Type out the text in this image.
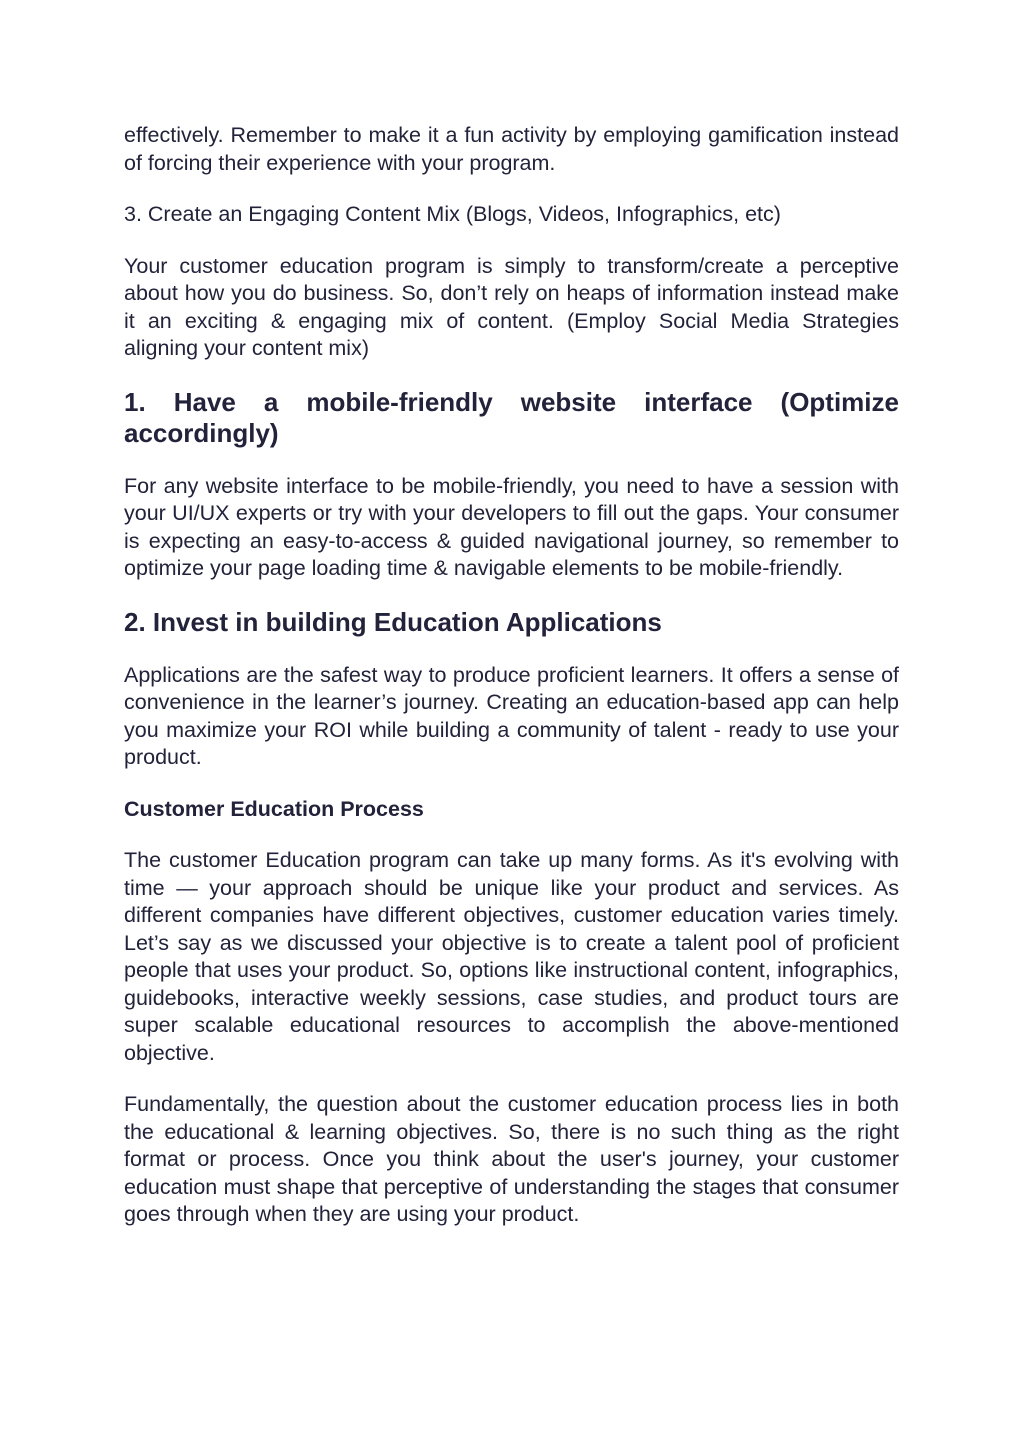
effectively. Remember to make it a fun activity by employing gamification instead of forcing their experience with your program.

3. Create an Engaging Content Mix (Blogs, Videos, Infographics, etc)

Your customer education program is simply to transform/create a perceptive about how you do business. So, don’t rely on heaps of information instead make it an exciting & engaging mix of content. (Employ Social Media Strategies aligning your content mix)

1. Have a mobile-friendly website interface (Optimize accordingly)

For any website interface to be mobile-friendly, you need to have a session with your UI/UX experts or try with your developers to fill out the gaps. Your consumer is expecting an easy-to-access & guided navigational journey, so remember to optimize your page loading time & navigable elements to be mobile-friendly.

2. Invest in building Education Applications

Applications are the safest way to produce proficient learners. It offers a sense of convenience in the learner’s journey. Creating an education-based app can help you maximize your ROI while building a community of talent - ready to use your product.

Customer Education Process

The customer Education program can take up many forms. As it's evolving with time — your approach should be unique like your product and services. As different companies have different objectives, customer education varies timely. Let’s say as we discussed your objective is to create a talent pool of proficient people that uses your product. So, options like instructional content, infographics, guidebooks, interactive weekly sessions, case studies, and product tours are super scalable educational resources to accomplish the above-mentioned objective.

Fundamentally, the question about the customer education process lies in both the educational & learning objectives. So, there is no such thing as the right format or process. Once you think about the user's journey, your customer education must shape that perceptive of understanding the stages that consumer goes through when they are using your product.
